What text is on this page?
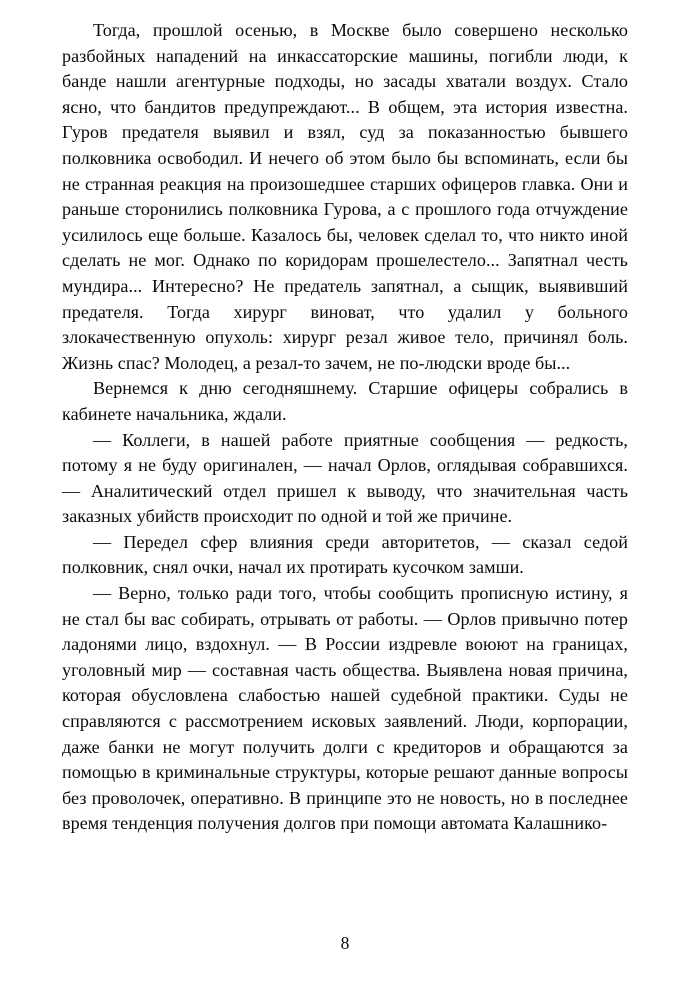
Тогда, прошлой осенью, в Москве было совершено несколько разбойных нападений на инкассаторские машины, погибли люди, к банде нашли агентурные подходы, но засады хватали воздух. Стало ясно, что бандитов предупреждают... В общем, эта история известна. Гуров предателя выявил и взял, суд за показанностью бывшего полковника освободил. И нечего об этом было бы вспоминать, если бы не странная реакция на произошедшее старших офицеров главка. Они и раньше сторонились полковника Гурова, а с прошлого года отчуждение усилилось еще больше. Казалось бы, человек сделал то, что никто иной сделать не мог. Однако по коридорам прошелестело... Запятнал честь мундира... Интересно? Не предатель запятнал, а сыщик, выявивший предателя. Тогда хирург виноват, что удалил у больного злокачественную опухоль: хирург резал живое тело, причинял боль. Жизнь спас? Молодец, а резал-то зачем, не по-людски вроде бы...

Вернемся к дню сегодняшнему. Старшие офицеры собрались в кабинете начальника, ждали.

— Коллеги, в нашей работе приятные сообщения — редкость, потому я не буду оригинален, — начал Орлов, оглядывая собравшихся. — Аналитический отдел пришел к выводу, что значительная часть заказных убийств происходит по одной и той же причине.

— Передел сфер влияния среди авторитетов, — сказал седой полковник, снял очки, начал их протирать кусочком замши.

— Верно, только ради того, чтобы сообщить прописную истину, я не стал бы вас собирать, отрывать от работы. — Орлов привычно потер ладонями лицо, вздохнул. — В России издревле воюют на границах, уголовный мир — составная часть общества. Выявлена новая причина, которая обусловлена слабостью нашей судебной практики. Суды не справляются с рассмотрением исковых заявлений. Люди, корпорации, даже банки не могут получить долги с кредиторов и обращаются за помощью в криминальные структуры, которые решают данные вопросы без проволочек, оперативно. В принципе это не новость, но в последнее время тенденция получения долгов при помощи автомата Калашнико-

8
